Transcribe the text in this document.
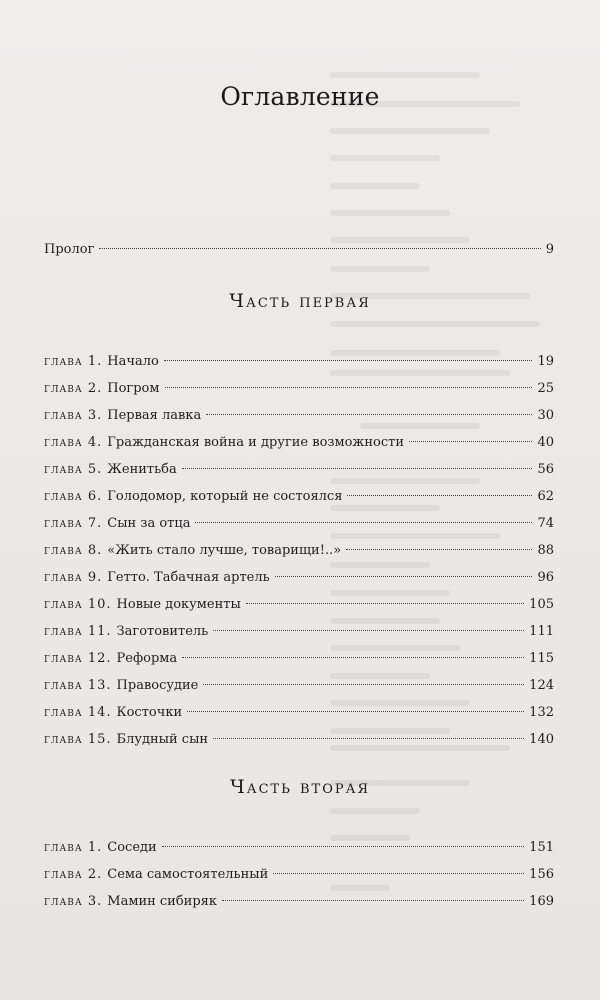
Оглавление
Пролог	9
Часть первая
глава 1. Начало	19
глава 2. Погром	25
глава 3. Первая лавка	30
глава 4. Гражданская война и другие возможности	40
глава 5. Женитьба	56
глава 6. Голодомор, который не состоялся	62
глава 7. Сын за отца	74
глава 8. «Жить стало лучше, товарищи!..»	88
глава 9. Гетто. Табачная артель	96
глава 10. Новые документы	105
глава 11. Заготовитель	111
глава 12. Реформа	115
глава 13. Правосудие	124
глава 14. Косточки	132
глава 15. Блудный сын	140
Часть вторая
глава 1. Соседи	151
глава 2. Сема самостоятельный	156
глава 3. Мамин сибиряк	169
